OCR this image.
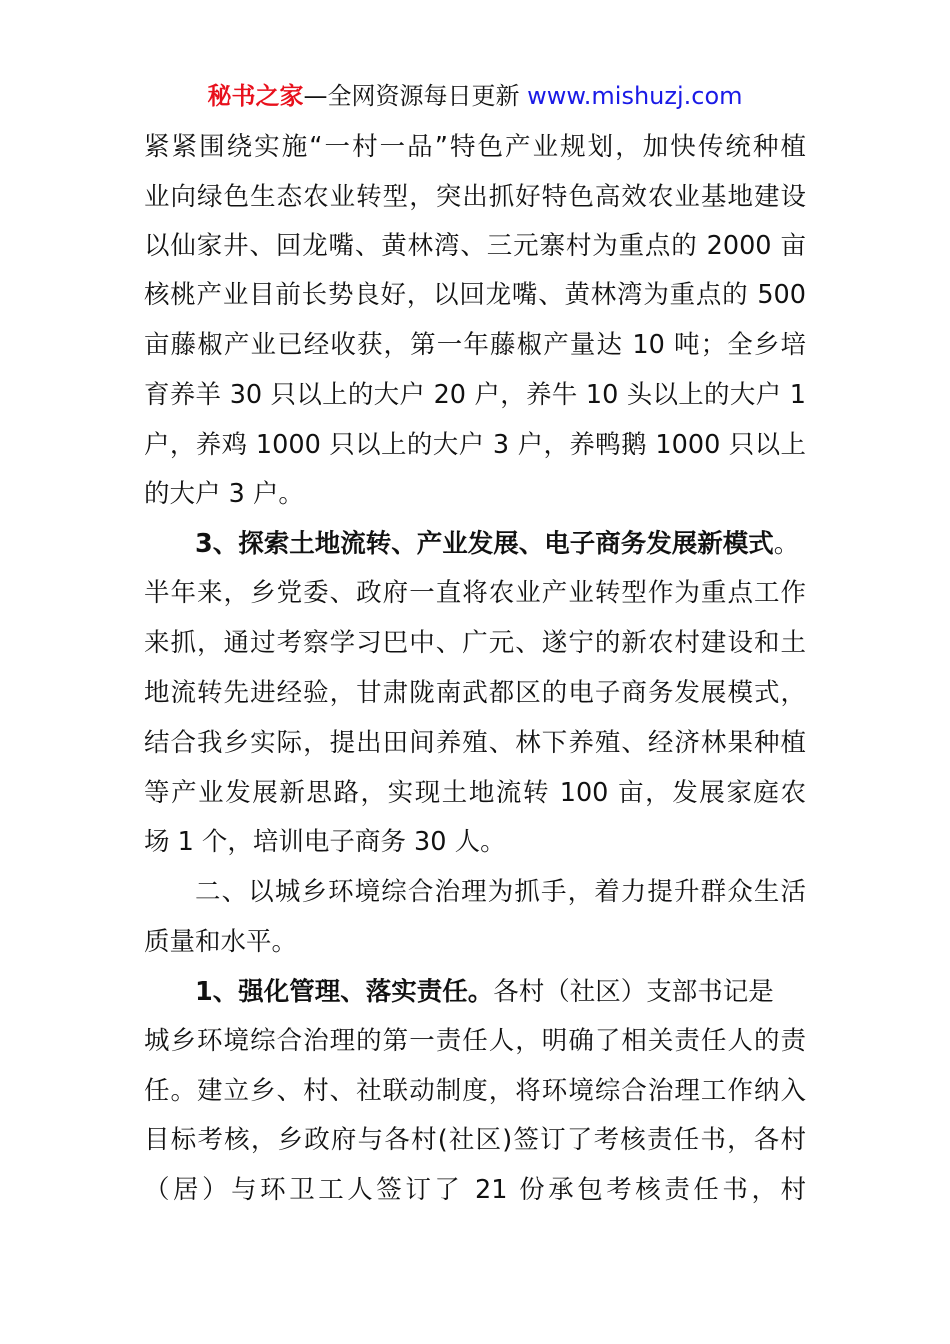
秘书之家—全网资源每日更新 www.mishuzj.com
紧紧围绕实施“一村一品”特色产业规划，加快传统种植
业向绿色生态农业转型，突出抓好特色高效农业基地建设
以仙家井、回龙嘴、黄林湾、三元寨村为重点的 2000 亩
核桃产业目前长势良好，以回龙嘴、黄林湾为重点的 500
亩藤椒产业已经收获，第一年藤椒产量达 10 吨；全乡培
育养羊 30 只以上的大户 20 户，养牛 10 头以上的大户 1
户，养鸡 1000 只以上的大户 3 户，养鸭鹅 1000 只以上
的大户 3 户。
3、探索土地流转、产业发展、电子商务发展新模式。
半年来，乡党委、政府一直将农业产业转型作为重点工作
来抓，通过考察学习巴中、广元、遂宁的新农村建设和土
地流转先进经验，甘肃陇南武都区的电子商务发展模式，
结合我乡实际，提出田间养殖、林下养殖、经济林果种植
等产业发展新思路，实现土地流转 100 亩，发展家庭农
场 1 个，培训电子商务 30 人。
二、以城乡环境综合治理为抓手，着力提升群众生活
质量和水平。
1、强化管理、落实责任。各村（社区）支部书记是
城乡环境综合治理的第一责任人，明确了相关责任人的责
任。建立乡、村、社联动制度，将环境综合治理工作纳入
目标考核，乡政府与各村(社区)签订了考核责任书，各村
（居）与环卫工人签订了 21 份承包考核责任书，村
